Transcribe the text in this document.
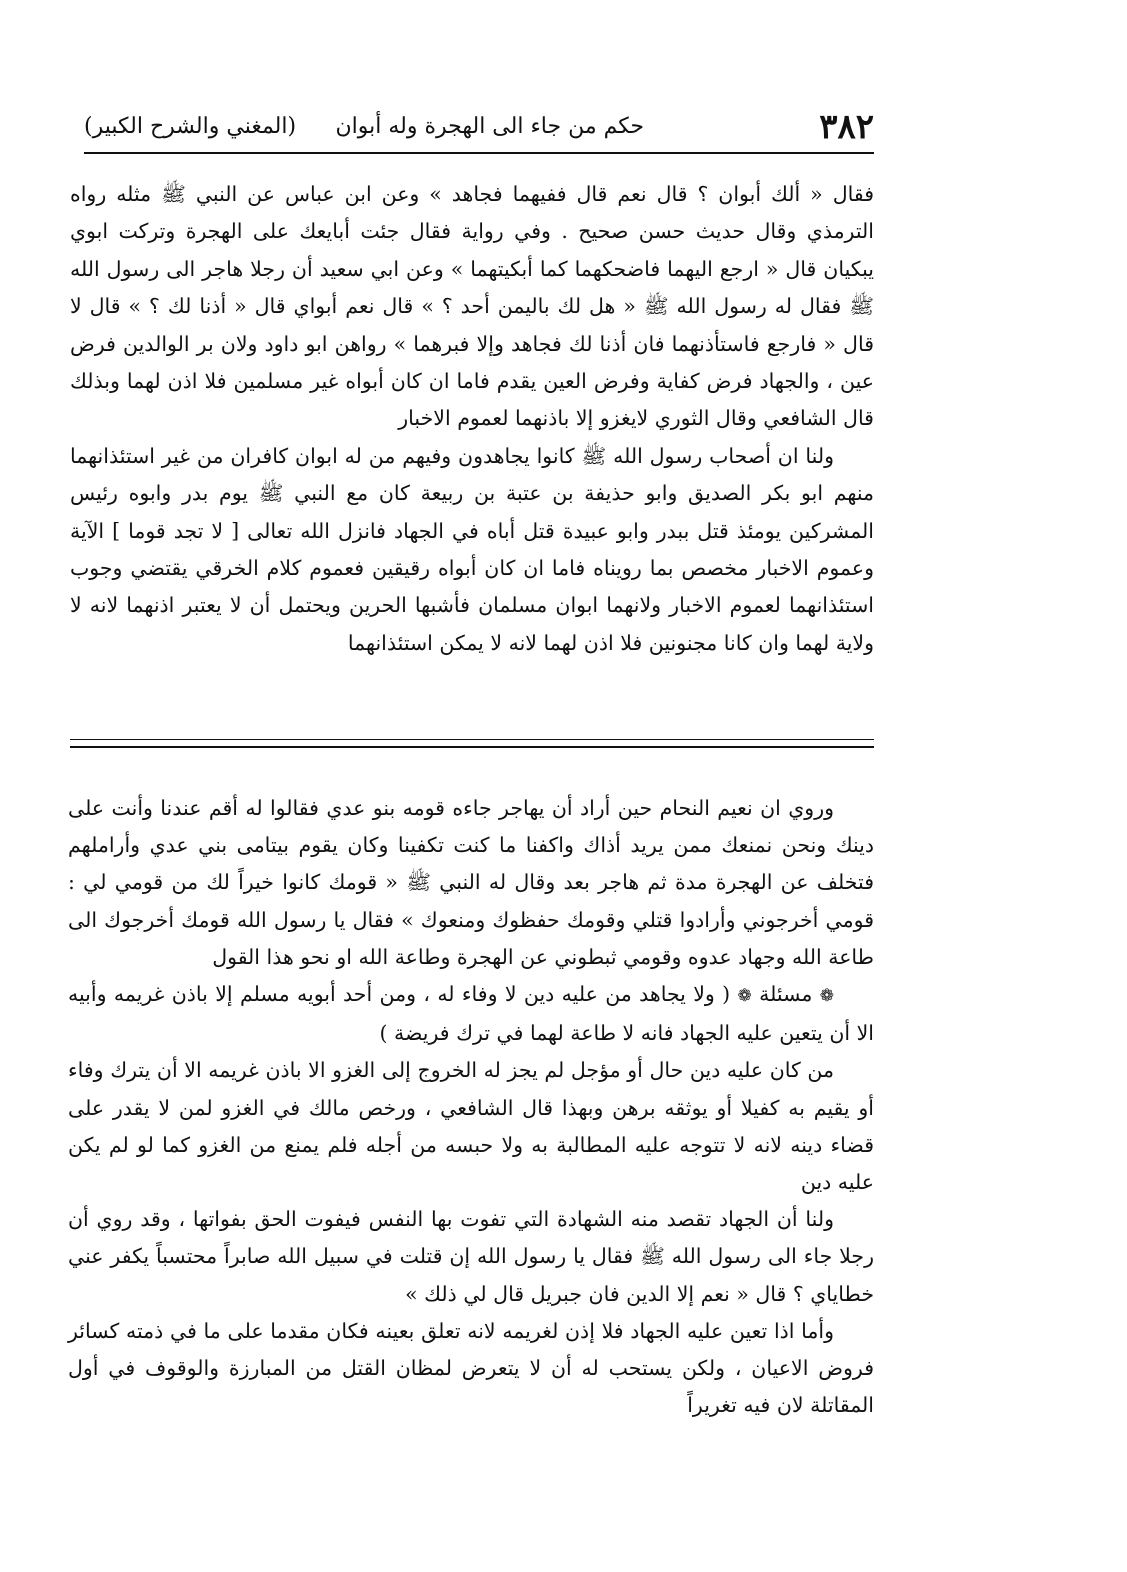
٣٨٢
حكم من جاء الى الهجرة وله أبوان
(المغني والشرح الكبير)

فقال « ألك أبوان ؟ قال نعم قال ففيهما فجاهد » وعن ابن عباس عن النبي ﷺ مثله رواه الترمذي وقال حديث حسن صحيح . وفي رواية فقال جئت أبايعك على الهجرة وتركت ابوي يبكيان قال « ارجع اليهما فاضحكهما كما أبكيتهما » وعن ابي سعيد أن رجلا هاجر الى رسول الله ﷺ فقال له رسول الله ﷺ « هل لك باليمن أحد ؟ » قال نعم أبواي قال « أذنا لك ؟ » قال لا قال « فارجع فاستأذنهما فان أذنا لك فجاهد وإلا فبرهما » رواهن ابو داود ولان بر الوالدين فرض عين ، والجهاد فرض كفاية وفرض العين يقدم فاما ان كان أبواه غير مسلمين فلا اذن لهما وبذلك قال الشافعي وقال الثوري لايغزو إلا باذنهما لعموم الاخبار

ولنا ان أصحاب رسول الله ﷺ كانوا يجاهدون وفيهم من له ابوان كافران من غير استئذانهما منهم ابو بكر الصديق وابو حذيفة بن عتبة بن ربيعة كان مع النبي ﷺ يوم بدر وابوه رئيس المشركين يومئذ قتل ببدر وابو عبيدة قتل أباه في الجهاد فانزل الله تعالى [ لا تجد قوما ] الآية وعموم الاخبار مخصص بما رويناه فاما ان كان أبواه رقيقين فعموم كلام الخرقي يقتضي وجوب استئذانهما لعموم الاخبار ولانهما ابوان مسلمان فأشبها الحرين ويحتمل أن لا يعتبر اذنهما لانه لا ولاية لهما وان كانا مجنونين فلا اذن لهما لانه لا يمكن استئذانهما

وروي ان نعيم النحام حين أراد أن يهاجر جاءه قومه بنو عدي فقالوا له أقم عندنا وأنت على دينك ونحن نمنعك ممن يريد أذاك واكفنا ما كنت تكفينا وكان يقوم بيتامى بني عدي وأراملهم فتخلف عن الهجرة مدة ثم هاجر بعد وقال له النبي ﷺ « قومك كانوا خيراً لك من قومي لي : قومي أخرجوني وأرادوا قتلي وقومك حفظوك ومنعوك » فقال يا رسول الله قومك أخرجوك الى طاعة الله وجهاد عدوه وقومي ثبطوني عن الهجرة وطاعة الله او نحو هذا القول

❁ مسئلة ❁ ( ولا يجاهد من عليه دين لا وفاء له ، ومن أحد أبويه مسلم إلا باذن غريمه وأبيه الا أن يتعين عليه الجهاد فانه لا طاعة لهما في ترك فريضة )

من كان عليه دين حال أو مؤجل لم يجز له الخروج إلى الغزو الا باذن غريمه الا أن يترك وفاء أو يقيم به كفيلا أو يوثقه برهن وبهذا قال الشافعي ، ورخص مالك في الغزو لمن لا يقدر على قضاء دينه لانه لا تتوجه عليه المطالبة به ولا حبسه من أجله فلم يمنع من الغزو كما لو لم يكن عليه دين

ولنا أن الجهاد تقصد منه الشهادة التي تفوت بها النفس فيفوت الحق بفواتها ، وقد روي أن رجلا جاء الى رسول الله ﷺ فقال يا رسول الله إن قتلت في سبيل الله صابراً محتسباً يكفر عني خطاياي ؟ قال « نعم إلا الدين فان جبريل قال لي ذلك »

وأما اذا تعين عليه الجهاد فلا إذن لغريمه لانه تعلق بعينه فكان مقدما على ما في ذمته كسائر فروض الاعيان ، ولكن يستحب له أن لا يتعرض لمظان القتل من المبارزة والوقوف في أول المقاتلة لان فيه تغريراً
